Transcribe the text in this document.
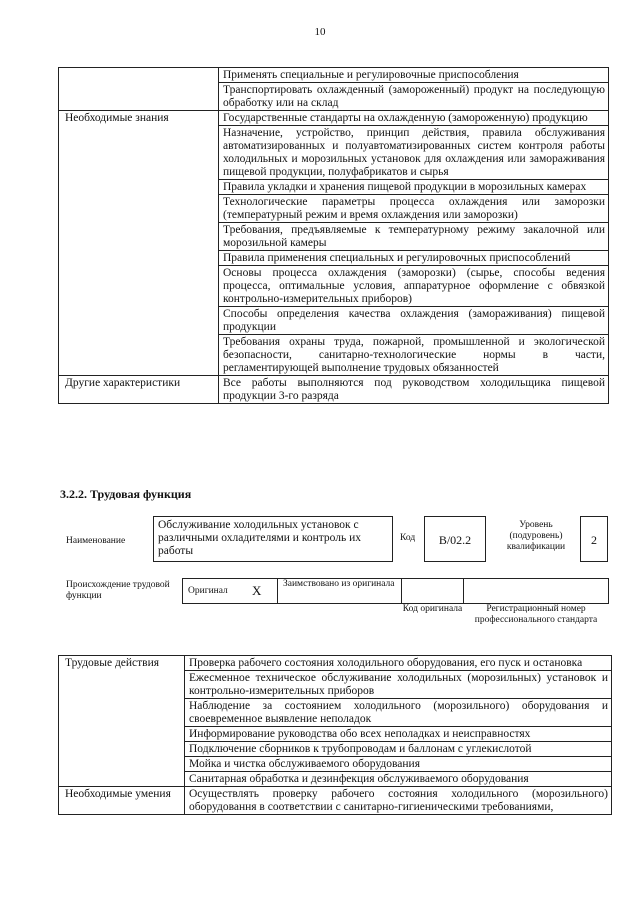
10
	Применять специальные и регулировочные приспособления
	Транспортировать охлажденный (замороженный) продукт на последующую обработку или на склад
Необходимые знания	Государственные стандарты на охлажденную (замороженную) продукцию
	Назначение, устройство, принцип действия, правила обслуживания автоматизированных и полуавтоматизированных систем контроля работы холодильных и морозильных установок для охлаждения или замораживания пищевой продукции, полуфабрикатов и сырья
	Правила укладки и хранения пищевой продукции в морозильных камерах
	Технологические параметры процесса охлаждения или заморозки (температурный режим и время охлаждения или заморозки)
	Требования, предъявляемые к температурному режиму закалочной или морозильной камеры
	Правила применения специальных и регулировочных приспособлений
	Основы процесса охлаждения (заморозки) (сырье, способы ведения процесса, оптимальные условия, аппаратурное оформление с обвязкой контрольно-измерительных приборов)
	Способы определения качества охлаждения (замораживания) пищевой продукции
	Требования охраны труда, пожарной, промышленной и экологической безопасности, санитарно-технологические нормы в части, регламентирующей выполнение трудовых обязанностей
Другие характеристики	Все работы выполняются под руководством холодильщика пищевой продукции 3-го разряда
3.2.2. Трудовая функция
Наименование
Обслуживание холодильных установок с различными охладителями и контроль их работы
Код	B/02.2
Уровень (подуровень) квалификации	2
Происхождение трудовой функции	Оригинал X Заимствовано из оригинала
Код оригинала	Регистрационный номер профессионального стандарта
Трудовые действия	Проверка рабочего состояния холодильного оборудования, его пуск и остановка
	Ежесменное техническое обслуживание холодильных (морозильных) установок и контрольно-измерительных приборов
	Наблюдение за состоянием холодильного (морозильного) оборудования и своевременное выявление неполадок
	Информирование руководства обо всех неполадках и неисправностях
	Подключение сборников к трубопроводам и баллонам с углекислотой
	Мойка и чистка обслуживаемого оборудования
	Санитарная обработка и дезинфекция обслуживаемого оборудования
Необходимые умения	Осуществлять проверку рабочего состояния холодильного (морозильного) оборудовання в соответствии с санитарно-гигиеническими требованиями,
